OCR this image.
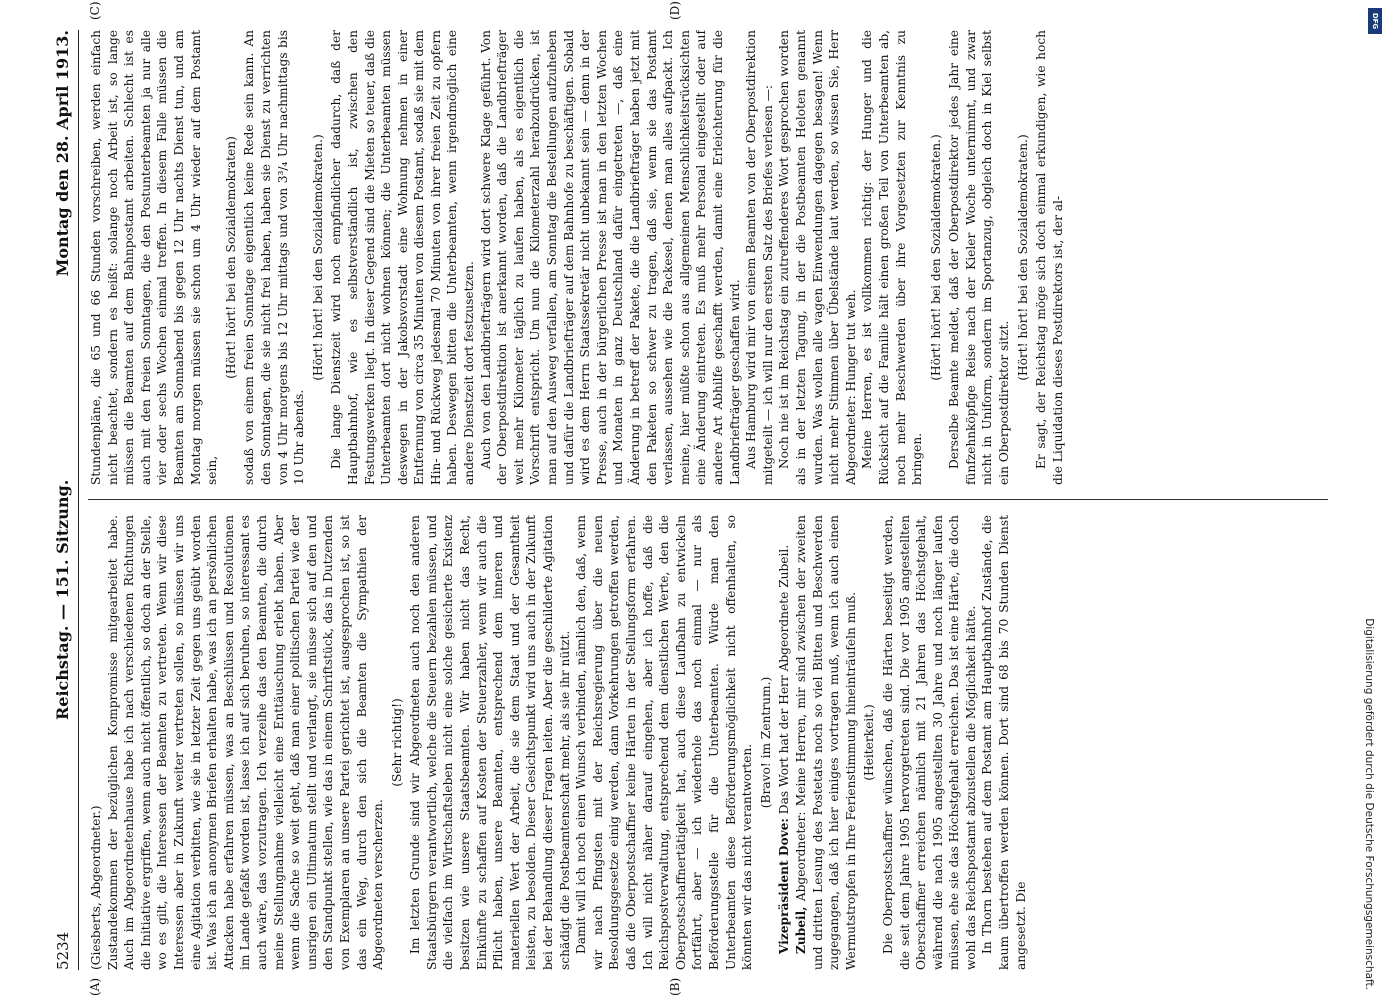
5234
Reichstag. — 151. Sitzung.
Montag den 28. April 1913.
(A)	(B)
(C)	(D)

(Giesberts, Abgeordneter.) Zustandekommen der bezüglichen Kompromisse mitgearbeitet habe. Auch im Abgeordnetenhause habe ich nach verschiedenen Richtungen die Initiative ergriffen, wenn auch nicht öffentlich, so doch an der Stelle, wo es gilt, die Interessen der Beamten zu vertreten. Wenn wir diese Interessen aber in Zukunft weiter vertreten sollen, so müssen wir uns eine Agitation verbitten, wie sie in letzter Zeit gegen uns geübt worden ist. Was ich an anonymen Briefen erhalten habe, was ich an persönlichen Attacken habe erfahren müssen, was an Beschlüssen und Resolutionen im Lande gefaßt worden ist, lasse ich auf sich beruhen, so interessant es auch wäre, das vorzutragen. Ich verzeihe das den Beamten, die durch meine Stellungnahme vielleicht eine Enttäuschung erlebt haben. Aber wenn die Sache so weit geht, daß man einer politischen Partei wie der unsrigen ein Ultimatum stellt und verlangt, sie müsse sich auf den und den Standpunkt stellen, wie das in einem Schriftstück, das in Dutzenden von Exemplaren an unsere Partei gerichtet ist, ausgesprochen ist, so ist das ein Weg, durch den sich die Beamten die Sympathien der Abgeordneten verscherzen.

(Sehr richtig!) Im letzten Grunde sind wir Abgeordneten auch noch den anderen Staatsbürgern verantwortlich, welche die Steuern bezahlen müssen, und die vielfach im Wirtschaftsleben nicht eine solche gesicherte Existenz besitzen wie unsere Staatsbeamten. Wir haben nicht das Recht, Einkünfte zu schaffen auf Kosten der Steuerzahler, wenn wir auch die Pflicht haben, unsere Beamten, entsprechend dem inneren und materiellen Wert der Arbeit, die sie dem Staat und der Gesamtheit leisten, zu besolden. Dieser Gesichtspunkt wird uns auch in der Zukunft bei der Behandlung dieser Fragen leiten. Aber die geschilderte Agitation schädigt die Postbeamtenschaft mehr, als sie ihr nützt. Damit will ich noch einen Wunsch verbinden, nämlich den, daß, wenn wir nach Pfingsten mit der Reichsregierung über die neuen Besoldungsgesetze einig werden, dann Vorkehrungen getroffen werden, daß die Oberpostschaffner keine Härten in der Stellungsform erfahren. Ich will nicht näher darauf eingehen, aber ich hoffe, daß die Reichspostverwaltung, entsprechend dem dienstlichen Werte, den die Oberpostschaffnertätigkeit hat, auch diese Laufbahn zu entwickeln fortfährt, aber — ich wiederhole das noch einmal — nur als Beförderungsstelle für die Unterbeamten. Würde man den Unterbeamten diese Beförderungsmöglichkeit nicht offenhalten, so könnten wir das nicht verantworten.

(Bravo! im Zentrum.)

Vizepräsident Dove: Das Wort hat der Herr Abgeordnete Zubeil.

Zubeil, Abgeordneter: Meine Herren, mir sind zwischen der zweiten und dritten Lesung des Postetats noch so viel Bitten und Beschwerden zugegangen, daß ich hier einiges vortragen muß, wenn ich auch einen Wermutstropfen in Ihre Ferienstimmung hineinträufeln muß. (Heiterkeit.) Die Oberpostschaffner wünschen, daß die Härten beseitigt werden, die seit dem Jahre 1905 hervorgetreten sind. Die vor 1905 angestellten Oberschaffner erreichen nämlich mit 21 Jahren das Höchstgehalt, während die nach 1905 angestellten 30 Jahre und noch länger laufen müssen, ehe sie das Höchstgehalt erreichen. Das ist eine Härte, die doch wohl das Reichspostamt abzustellen die Möglichkeit hätte. In Thorn bestehen auf dem Postamt am Hauptbahnhof Zustände, die kaum übertroffen werden können. Dort sind 68 bis 70 Stunden Dienst angesetzt. Die

Stundenpläne, die 65 und 66 Stunden vorschreiben, werden einfach nicht beachtet, sondern es heißt: solange noch Arbeit ist, so lange müssen die Beamten auf dem Bahnpostamt arbeiten. Schlecht ist es auch mit den freien Sonntagen, die den Postunterbeamten ja nur alle vier oder sechs Wochen einmal treffen. In diesem Falle müssen die Beamten am Sonnabend bis gegen 12 Uhr nachts Dienst tun, und am Montag morgen müssen sie schon um 4 Uhr wieder auf dem Postamt sein,

(Hört! hört! bei den Sozialdemokraten) sodaß von einem freien Sonntage eigentlich keine Rede sein kann. An den Sonntagen, die sie nicht frei haben, haben sie Dienst zu verrichten von 4 Uhr morgens bis 12 Uhr mittags und von 3³/₄ Uhr nachmittags bis 10 Uhr abends.

(Hört! hört! bei den Sozialdemokraten.) Die lange Dienstzeit wird noch empfindlicher dadurch, daß der Hauptbahnhof, wie es selbstverständlich ist, zwischen den Festungswerken liegt. In dieser Gegend sind die Mieten so teuer, daß die Unterbeamten dort nicht wohnen können; die Unterbeamten müssen deswegen in der Jakobsvorstadt eine Wohnung nehmen in einer Entfernung von circa 35 Minuten von diesem Postamt, sodaß sie mit dem Hin- und Rückweg jedesmal 70 Minuten von ihrer freien Zeit zu opfern haben. Deswegen bitten die Unterbeamten, wenn irgendmöglich eine andere Dienstzeit dort festzusetzen. Auch von den Landbriefträgern wird dort schwere Klage geführt. Von der Oberpostdirektion ist anerkannt worden, daß die Landbriefträger weit mehr Kilometer täglich zu laufen haben, als es eigentlich die Vorschrift entspricht. Um nun die Kilometerzahl herabzudrücken, ist man auf den Ausweg verfallen, am Sonntag die Bestellungen aufzuheben und dafür die Landbriefträger auf dem Bahnhofe zu beschäftigen. Sobald wird es dem Herrn Staatssekretär nicht unbekannt sein — denn in der Presse, auch in der bürgerlichen Presse ist man in den letzten Wochen und Monaten in ganz Deutschland dafür eingetreten —, daß eine Änderung in betreff der Pakete, die die Landbriefträger haben jetzt mit den Paketen so schwer zu tragen, daß sie, wenn sie das Postamt verlassen, aussehen wie die Packesel, denen man alles aufpackt. Ich meine, hier müßte schon aus allgemeinen Menschlichkeitsrücksichten eine Änderung eintreten. Es muß mehr Personal eingestellt oder auf andere Art Abhilfe geschafft werden, damit eine Erleichterung für die Landbriefträger geschaffen wird. Aus Hamburg wird mir von einem Beamten von der Oberpostdirektion mitgeteilt — ich will nur den ersten Satz des Briefes verlesen —: Noch nie ist im Reichstag ein zutreffenderes Wort gesprochen worden als in der letzten Tagung, in der die Postbeamten Heloten genannt wurden. Was wollen alle vagen Einwendungen dagegen besagen! Wenn nicht mehr Stimmen über Übelstände laut werden, so wissen Sie, Herr Abgeordneter: Hunger tut weh. Meine Herren, es ist vollkommen richtig: der Hunger und die Rücksicht auf die Familie hält einen großen Teil von Unterbeamten ab, noch mehr Beschwerden über ihre Vorgesetzten zur Kenntnis zu bringen.

(Hört! hört! bei den Sozialdemokraten.) Derselbe Beamte meldet, daß der Oberpostdirektor jedes Jahr eine fünfzehnköpfige Reise nach der Kieler Woche unternimmt, und zwar nicht in Uniform, sondern im Sportanzug, obgleich doch in Kiel selbst ein Oberpostdirektor sitzt.

(Hört! hört! bei den Sozialdemokraten.) Er sagt, der Reichstag möge sich doch einmal erkundigen, wie hoch die Liquidation dieses Postdirektors ist, der al-

Digitalisierung gefördert durch die Deutsche Forschungsgemeinschaft.
DFG
